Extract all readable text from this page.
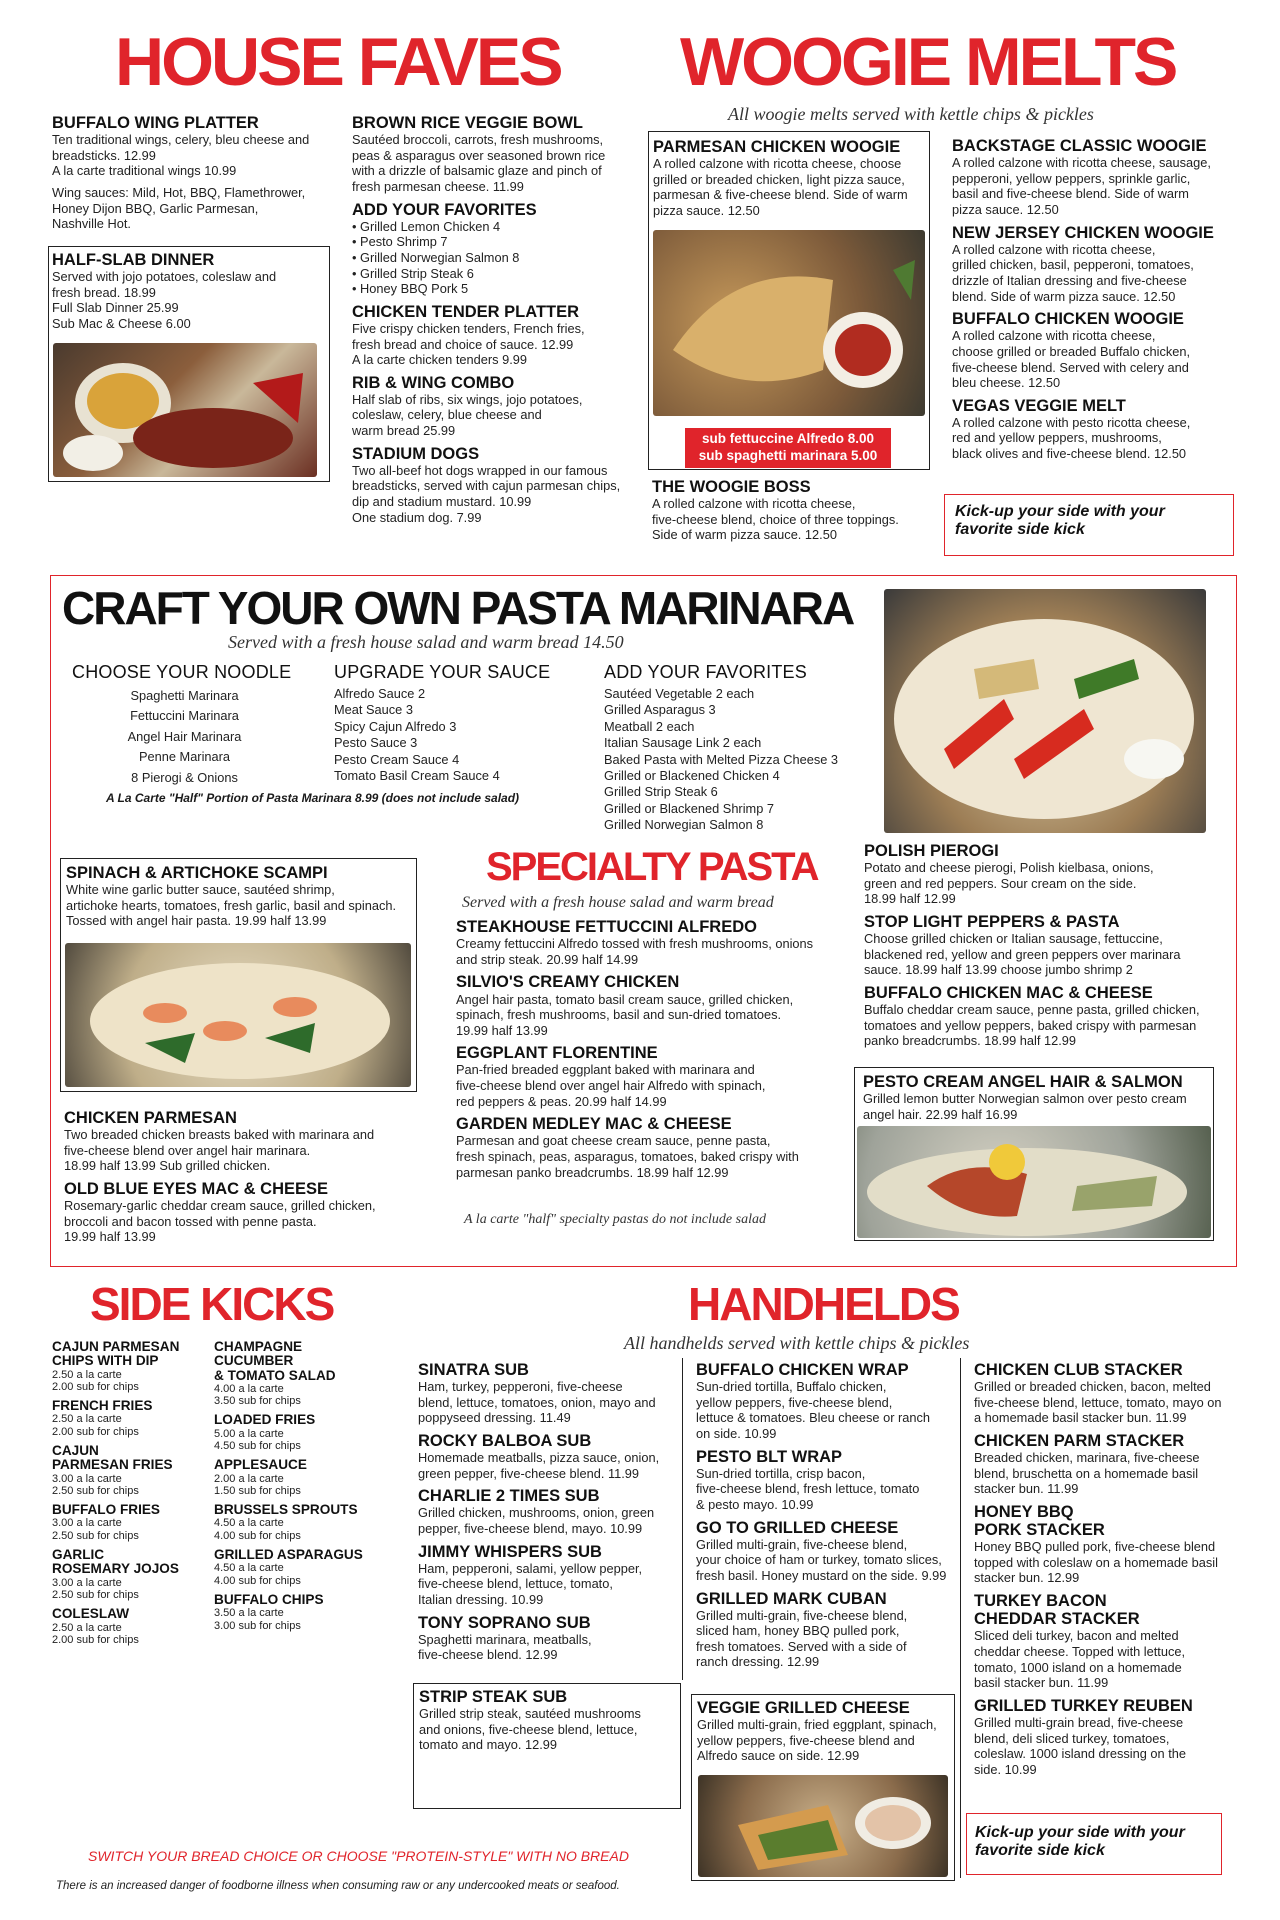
HOUSE FAVES
BUFFALO WING PLATTER
Ten traditional wings, celery, bleu cheese and
breadsticks. 12.99
A la carte traditional wings 10.99
Wing sauces: Mild, Hot, BBQ, Flamethrower,
Honey Dijon BBQ, Garlic Parmesan,
Nashville Hot.
HALF-SLAB DINNER
Served with jojo potatoes, coleslaw and
fresh bread. 18.99
Full Slab Dinner 25.99
Sub Mac & Cheese 6.00
BROWN RICE VEGGIE BOWL
Sautéed broccoli, carrots, fresh mushrooms,
peas & asparagus over seasoned brown rice
with a drizzle of balsamic glaze and pinch of
fresh parmesan cheese. 11.99
ADD YOUR FAVORITES
• Grilled Lemon Chicken 4
• Pesto Shrimp 7
• Grilled Norwegian Salmon 8
• Grilled Strip Steak 6
• Honey BBQ Pork 5
CHICKEN TENDER PLATTER
Five crispy chicken tenders, French fries,
fresh bread and choice of sauce. 12.99
A la carte chicken tenders 9.99
RIB & WING COMBO
Half slab of ribs, six wings, jojo potatoes,
coleslaw, celery, blue cheese and
warm bread 25.99
STADIUM DOGS
Two all-beef hot dogs wrapped in our famous
breadsticks, served with cajun parmesan chips,
dip and stadium mustard. 10.99
One stadium dog. 7.99
WOOGIE MELTS
All woogie melts served with kettle chips & pickles
PARMESAN CHICKEN WOOGIE
A rolled calzone with ricotta cheese, choose
grilled or breaded chicken, light pizza sauce,
parmesan & five-cheese blend. Side of warm
pizza sauce. 12.50
sub fettuccine Alfredo 8.00
sub spaghetti marinara 5.00
THE WOOGIE BOSS
A rolled calzone with ricotta cheese,
five-cheese blend, choice of three toppings.
Side of warm pizza sauce. 12.50
BACKSTAGE CLASSIC WOOGIE
A rolled calzone with ricotta cheese, sausage,
pepperoni, yellow peppers, sprinkle garlic,
basil and five-cheese blend. Side of warm
pizza sauce. 12.50
NEW JERSEY CHICKEN WOOGIE
A rolled calzone with ricotta cheese,
grilled chicken, basil, pepperoni, tomatoes,
drizzle of Italian dressing and five-cheese
blend. Side of warm pizza sauce. 12.50
BUFFALO CHICKEN WOOGIE
A rolled calzone with ricotta cheese,
choose grilled or breaded Buffalo chicken,
five-cheese blend. Served with celery and
bleu cheese. 12.50
VEGAS VEGGIE MELT
A rolled calzone with pesto ricotta cheese,
red and yellow peppers, mushrooms,
black olives and five-cheese blend. 12.50
Kick-up your side with your
favorite side kick
CRAFT YOUR OWN PASTA MARINARA
Served with a fresh house salad and warm bread 14.50
CHOOSE YOUR NOODLE
Spaghetti Marinara
Fettuccini Marinara
Angel Hair Marinara
Penne Marinara
8 Pierogi & Onions
UPGRADE YOUR SAUCE
Alfredo Sauce 2
Meat Sauce 3
Spicy Cajun Alfredo 3
Pesto Sauce 3
Pesto Cream Sauce 4
Tomato Basil Cream Sauce 4
ADD YOUR FAVORITES
Sautéed Vegetable 2 each
Grilled Asparagus 3
Meatball 2 each
Italian Sausage Link 2 each
Baked Pasta with Melted Pizza Cheese 3
Grilled or Blackened Chicken 4
Grilled Strip Steak 6
Grilled or Blackened Shrimp 7
Grilled Norwegian Salmon 8
A La Carte "Half" Portion of Pasta Marinara 8.99 (does not include salad)
SPINACH & ARTICHOKE SCAMPI
White wine garlic butter sauce, sautéed shrimp,
artichoke hearts, tomatoes, fresh garlic, basil and spinach.
Tossed with angel hair pasta. 19.99 half 13.99
CHICKEN PARMESAN
Two breaded chicken breasts baked with marinara and
five-cheese blend over angel hair marinara.
18.99 half 13.99 Sub grilled chicken.
OLD BLUE EYES MAC & CHEESE
Rosemary-garlic cheddar cream sauce, grilled chicken,
broccoli and bacon tossed with penne pasta.
19.99 half 13.99
SPECIALTY PASTA
Served with a fresh house salad and warm bread
STEAKHOUSE FETTUCCINI ALFREDO
Creamy fettuccini Alfredo tossed with fresh mushrooms, onions
and strip steak. 20.99 half 14.99
SILVIO'S CREAMY CHICKEN
Angel hair pasta, tomato basil cream sauce, grilled chicken,
spinach, fresh mushrooms, basil and sun-dried tomatoes.
19.99 half 13.99
EGGPLANT FLORENTINE
Pan-fried breaded eggplant baked with marinara and
five-cheese blend over angel hair Alfredo with spinach,
red peppers & peas. 20.99 half 14.99
GARDEN MEDLEY MAC & CHEESE
Parmesan and goat cheese cream sauce, penne pasta,
fresh spinach, peas, asparagus, tomatoes, baked crispy with
parmesan panko breadcrumbs. 18.99 half 12.99
A la carte "half" specialty pastas do not include salad
POLISH PIEROGI
Potato and cheese pierogi, Polish kielbasa, onions,
green and red peppers. Sour cream on the side.
18.99 half 12.99
STOP LIGHT PEPPERS & PASTA
Choose grilled chicken or Italian sausage, fettuccine,
blackened red, yellow and green peppers over marinara
sauce. 18.99 half 13.99 choose jumbo shrimp 2
BUFFALO CHICKEN MAC & CHEESE
Buffalo cheddar cream sauce, penne pasta, grilled chicken,
tomatoes and yellow peppers, baked crispy with parmesan
panko breadcrumbs. 18.99 half 12.99
PESTO CREAM ANGEL HAIR & SALMON
Grilled lemon butter Norwegian salmon over pesto cream
angel hair. 22.99 half 16.99
SIDE KICKS
CAJUN PARMESAN
CHIPS WITH DIP
2.50 a la carte
2.00 sub for chips
FRENCH FRIES
2.50 a la carte
2.00 sub for chips
CAJUN
PARMESAN FRIES
3.00 a la carte
2.50 sub for chips
BUFFALO FRIES
3.00 a la carte
2.50 sub for chips
GARLIC
ROSEMARY JOJOS
3.00 a la carte
2.50 sub for chips
COLESLAW
2.50 a la carte
2.00 sub for chips
CHAMPAGNE
CUCUMBER
& TOMATO SALAD
4.00 a la carte
3.50 sub for chips
LOADED FRIES
5.00 a la carte
4.50 sub for chips
APPLESAUCE
2.00 a la carte
1.50 sub for chips
BRUSSELS SPROUTS
4.50 a la carte
4.00 sub for chips
GRILLED ASPARAGUS
4.50 a la carte
4.00 sub for chips
BUFFALO CHIPS
3.50 a la carte
3.00 sub for chips
HANDHELDS
All handhelds served with kettle chips & pickles
SINATRA SUB
Ham, turkey, pepperoni, five-cheese
blend, lettuce, tomatoes, onion, mayo and
poppyseed dressing. 11.49
ROCKY BALBOA SUB
Homemade meatballs, pizza sauce, onion,
green pepper, five-cheese blend. 11.99
CHARLIE 2 TIMES SUB
Grilled chicken, mushrooms, onion, green
pepper, five-cheese blend, mayo. 10.99
JIMMY WHISPERS SUB
Ham, pepperoni, salami, yellow pepper,
five-cheese blend, lettuce, tomato,
Italian dressing. 10.99
TONY SOPRANO SUB
Spaghetti marinara, meatballs,
five-cheese blend. 12.99
STRIP STEAK SUB
Grilled strip steak, sautéed mushrooms
and onions, five-cheese blend, lettuce,
tomato and mayo. 12.99
BUFFALO CHICKEN WRAP
Sun-dried tortilla, Buffalo chicken,
yellow peppers, five-cheese blend,
lettuce & tomatoes. Bleu cheese or ranch
on side. 10.99
PESTO BLT WRAP
Sun-dried tortilla, crisp bacon,
five-cheese blend, fresh lettuce, tomato
& pesto mayo. 10.99
GO TO GRILLED CHEESE
Grilled multi-grain, five-cheese blend,
your choice of ham or turkey, tomato slices,
fresh basil. Honey mustard on the side. 9.99
GRILLED MARK CUBAN
Grilled multi-grain, five-cheese blend,
sliced ham, honey BBQ pulled pork,
fresh tomatoes. Served with a side of
ranch dressing. 12.99
VEGGIE GRILLED CHEESE
Grilled multi-grain, fried eggplant, spinach,
yellow peppers, five-cheese blend and
Alfredo sauce on side. 12.99
CHICKEN CLUB STACKER
Grilled or breaded chicken, bacon, melted
five-cheese blend, lettuce, tomato, mayo on
a homemade basil stacker bun. 11.99
CHICKEN PARM STACKER
Breaded chicken, marinara, five-cheese
blend, bruschetta on a homemade basil
stacker bun. 11.99
HONEY BBQ
PORK STACKER
Honey BBQ pulled pork, five-cheese blend
topped with coleslaw on a homemade basil
stacker bun. 12.99
TURKEY BACON
CHEDDAR STACKER
Sliced deli turkey, bacon and melted
cheddar cheese. Topped with lettuce,
tomato, 1000 island on a homemade
basil stacker bun. 11.99
GRILLED TURKEY REUBEN
Grilled multi-grain bread, five-cheese
blend, deli sliced turkey, tomatoes,
coleslaw. 1000 island dressing on the
side. 10.99
Kick-up your side with your
favorite side kick
SWITCH YOUR BREAD CHOICE OR CHOOSE "PROTEIN-STYLE" WITH NO BREAD
There is an increased danger of foodborne illness when consuming raw or any undercooked meats or seafood.
